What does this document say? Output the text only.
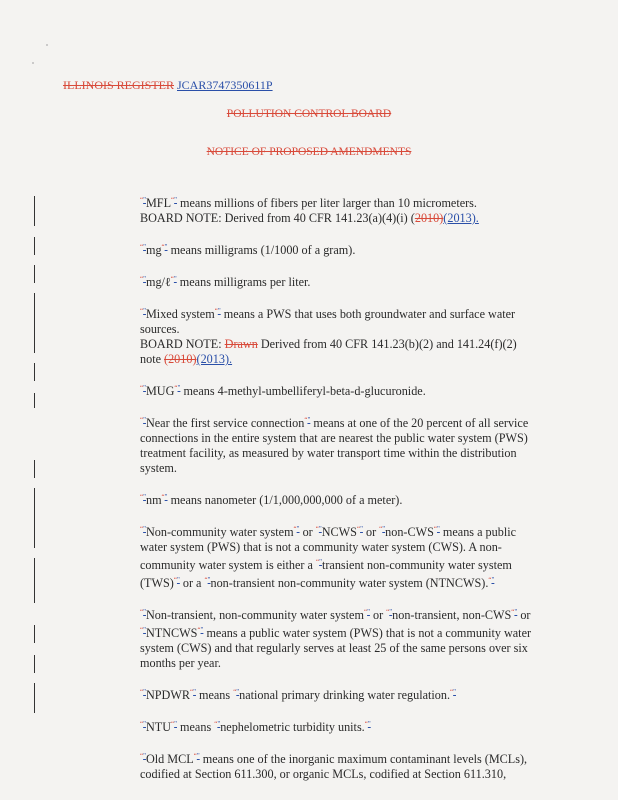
ILLINOIS REGISTER JCAR3747350611P
POLLUTION CONTROL BOARD
NOTICE OF PROPOSED AMENDMENTS
“"MFL“" means millions of fibers per liter larger than 10 micrometers.
BOARD NOTE: Derived from 40 CFR 141.23(a)(4)(i) (2010)(2013).
“"mg“" means milligrams (1/1000 of a gram).
“"mg/ℓ“" means milligrams per liter.
“"Mixed system“" means a PWS that uses both groundwater and surface water sources.
BOARD NOTE: Drawn Derived from 40 CFR 141.23(b)(2) and 141.24(f)(2) note (2010)(2013).
“"MUG“" means 4-methyl-umbelliferyl-beta-d-glucuronide.
“"Near the first service connection“" means at one of the 20 percent of all service connections in the entire system that are nearest the public water system (PWS) treatment facility, as measured by water transport time within the distribution system.
“"nm“" means nanometer (1/1,000,000,000 of a meter).
“"Non-community water system“" or “"NCWS“" or “"non-CWS“" means a public water system (PWS) that is not a community water system (CWS). A non-community water system is either a “"transient non-community water system (TWS)“" or a “"non-transient non-community water system (NTNCWS).“"
“"Non-transient, non-community water system“" or “"non-transient, non-CWS“" or “"NTNCWS“" means a public water system (PWS) that is not a community water system (CWS) and that regularly serves at least 25 of the same persons over six months per year.
“"NPDWR“" means “"national primary drinking water regulation.“"
“"NTU“" means “"nephelometric turbidity units.“"
“"Old MCL“" means one of the inorganic maximum contaminant levels (MCLs), codified at Section 611.300, or organic MCLs, codified at Section 611.310,
